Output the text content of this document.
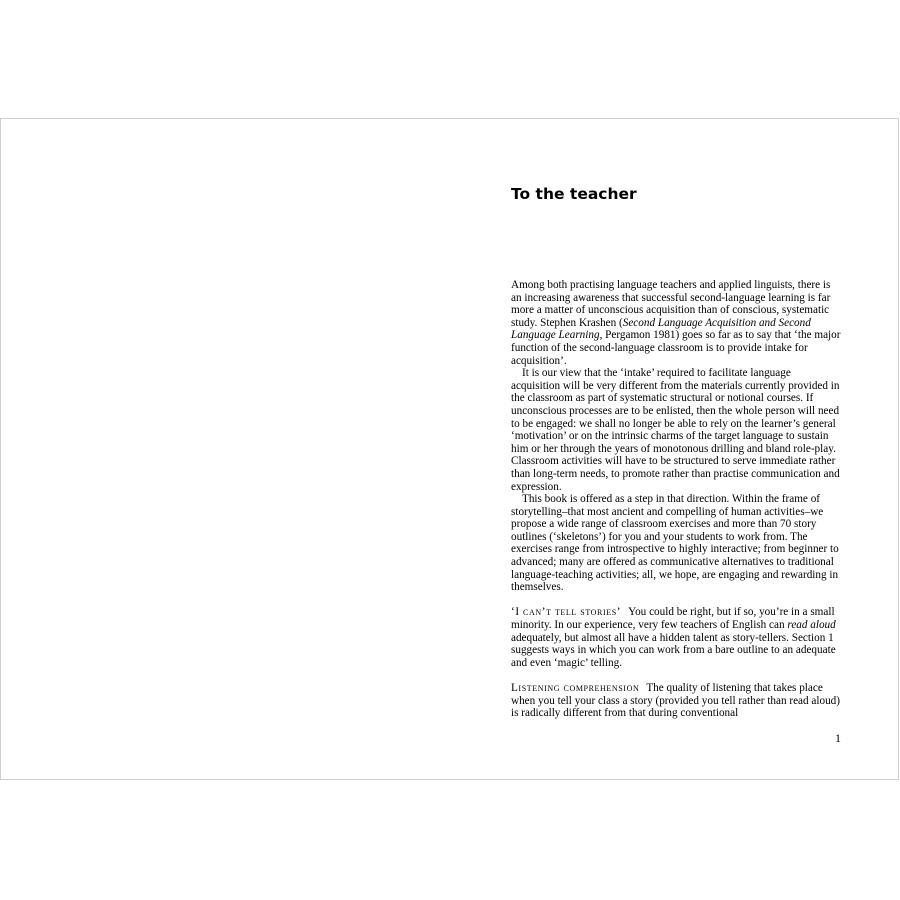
To the teacher

Among both practising language teachers and applied linguists, there is an increasing awareness that successful second-language learning is far more a matter of unconscious acquisition than of conscious, systematic study. Stephen Krashen (Second Language Acquisition and Second Language Learning, Pergamon 1981) goes so far as to say that ‘the major function of the second-language classroom is to provide intake for acquisition’.

It is our view that the ‘intake’ required to facilitate language acquisition will be very different from the materials currently provided in the classroom as part of systematic structural or notional courses. If unconscious processes are to be enlisted, then the whole person will need to be engaged: we shall no longer be able to rely on the learner’s general ‘motivation’ or on the intrinsic charms of the target language to sustain him or her through the years of monotonous drilling and bland role-play. Classroom activities will have to be structured to serve immediate rather than long-term needs, to promote rather than practise communication and expression.

This book is offered as a step in that direction. Within the frame of storytelling–that most ancient and compelling of human activities–we propose a wide range of classroom exercises and more than 70 story outlines (‘skeletons’) for you and your students to work from. The exercises range from introspective to highly interactive; from beginner to advanced; many are offered as communicative alternatives to traditional language-teaching activities; all, we hope, are engaging and rewarding in themselves.

‘I can’t tell stories’ You could be right, but if so, you’re in a small minority. In our experience, very few teachers of English can read aloud adequately, but almost all have a hidden talent as story-tellers. Section 1 suggests ways in which you can work from a bare outline to an adequate and even ‘magic’ telling.

Listening comprehension The quality of listening that takes place when you tell your class a story (provided you tell rather than read aloud) is radically different from that during conventional

1
